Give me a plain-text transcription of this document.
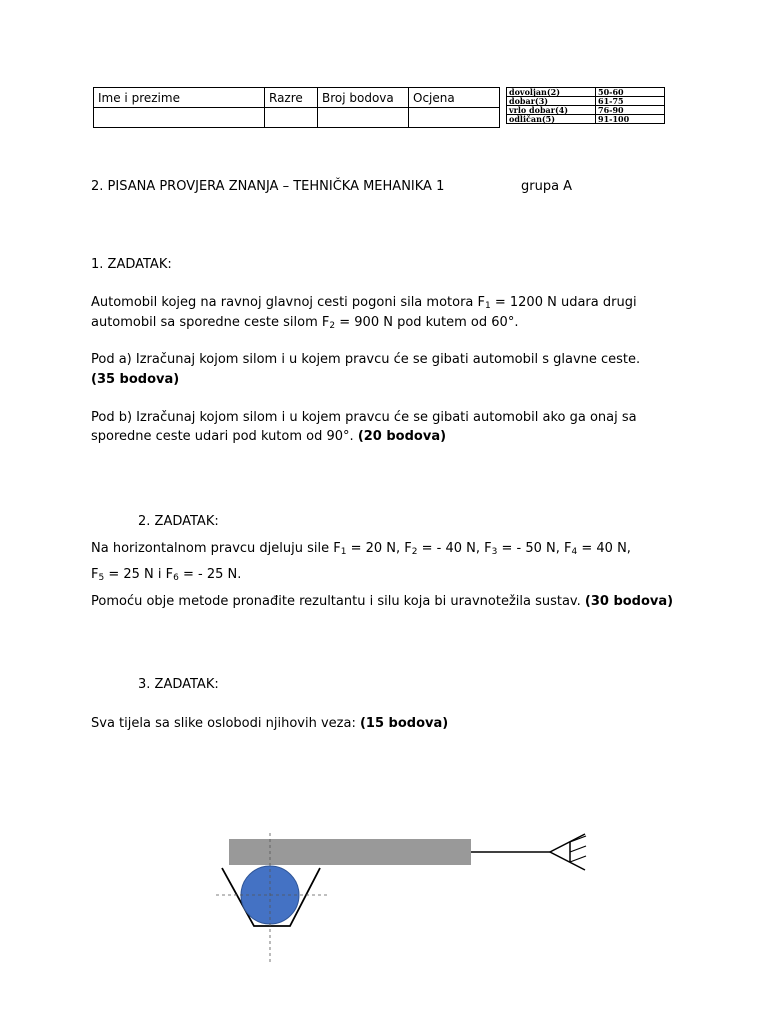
Ime i prezime	Razre	Broj bodova	Ocjena
				dovoljan(2)	50-60
dobar(3)	61-75
vrlo dobar(4)	76-90
odličan(5)	91-100
2. PISANA PROVJERA ZNANJA – TEHNIČKA MEHANIKA 1	grupa A
1. ZADATAK:
Automobil kojeg na ravnoj glavnoj cesti pogoni sila motora $F_1 = 1200$ N udara drugi
automobil sa sporedne ceste silom $F_2 = 900$ N pod kutem od 60°.
Pod a) Izračunaj kojom silom i u kojem pravcu će se gibati automobil s glavne ceste.
(35 bodova)
Pod b) Izračunaj kojom silom i u kojem pravcu će se gibati automobil ako ga onaj sa
sporedne ceste udari pod kutom od 90°. (20 bodova)
2. ZADATAK:
Na horizontalnom pravcu djeluju sile $F_1 = 20$ N, $F_2$ = - 40 N, $F_3$ = - 50 N, $F_4 = 40$ N,
$F_5 = 25$ N i $F_6$ = - 25 N.
Pomoću obje metode pronađite rezultantu i silu koja bi uravnotežila sustav. (30 bodova)
3. ZADATAK:
Sva tijela sa slike oslobodi njihovih veza: (15 bodova)
